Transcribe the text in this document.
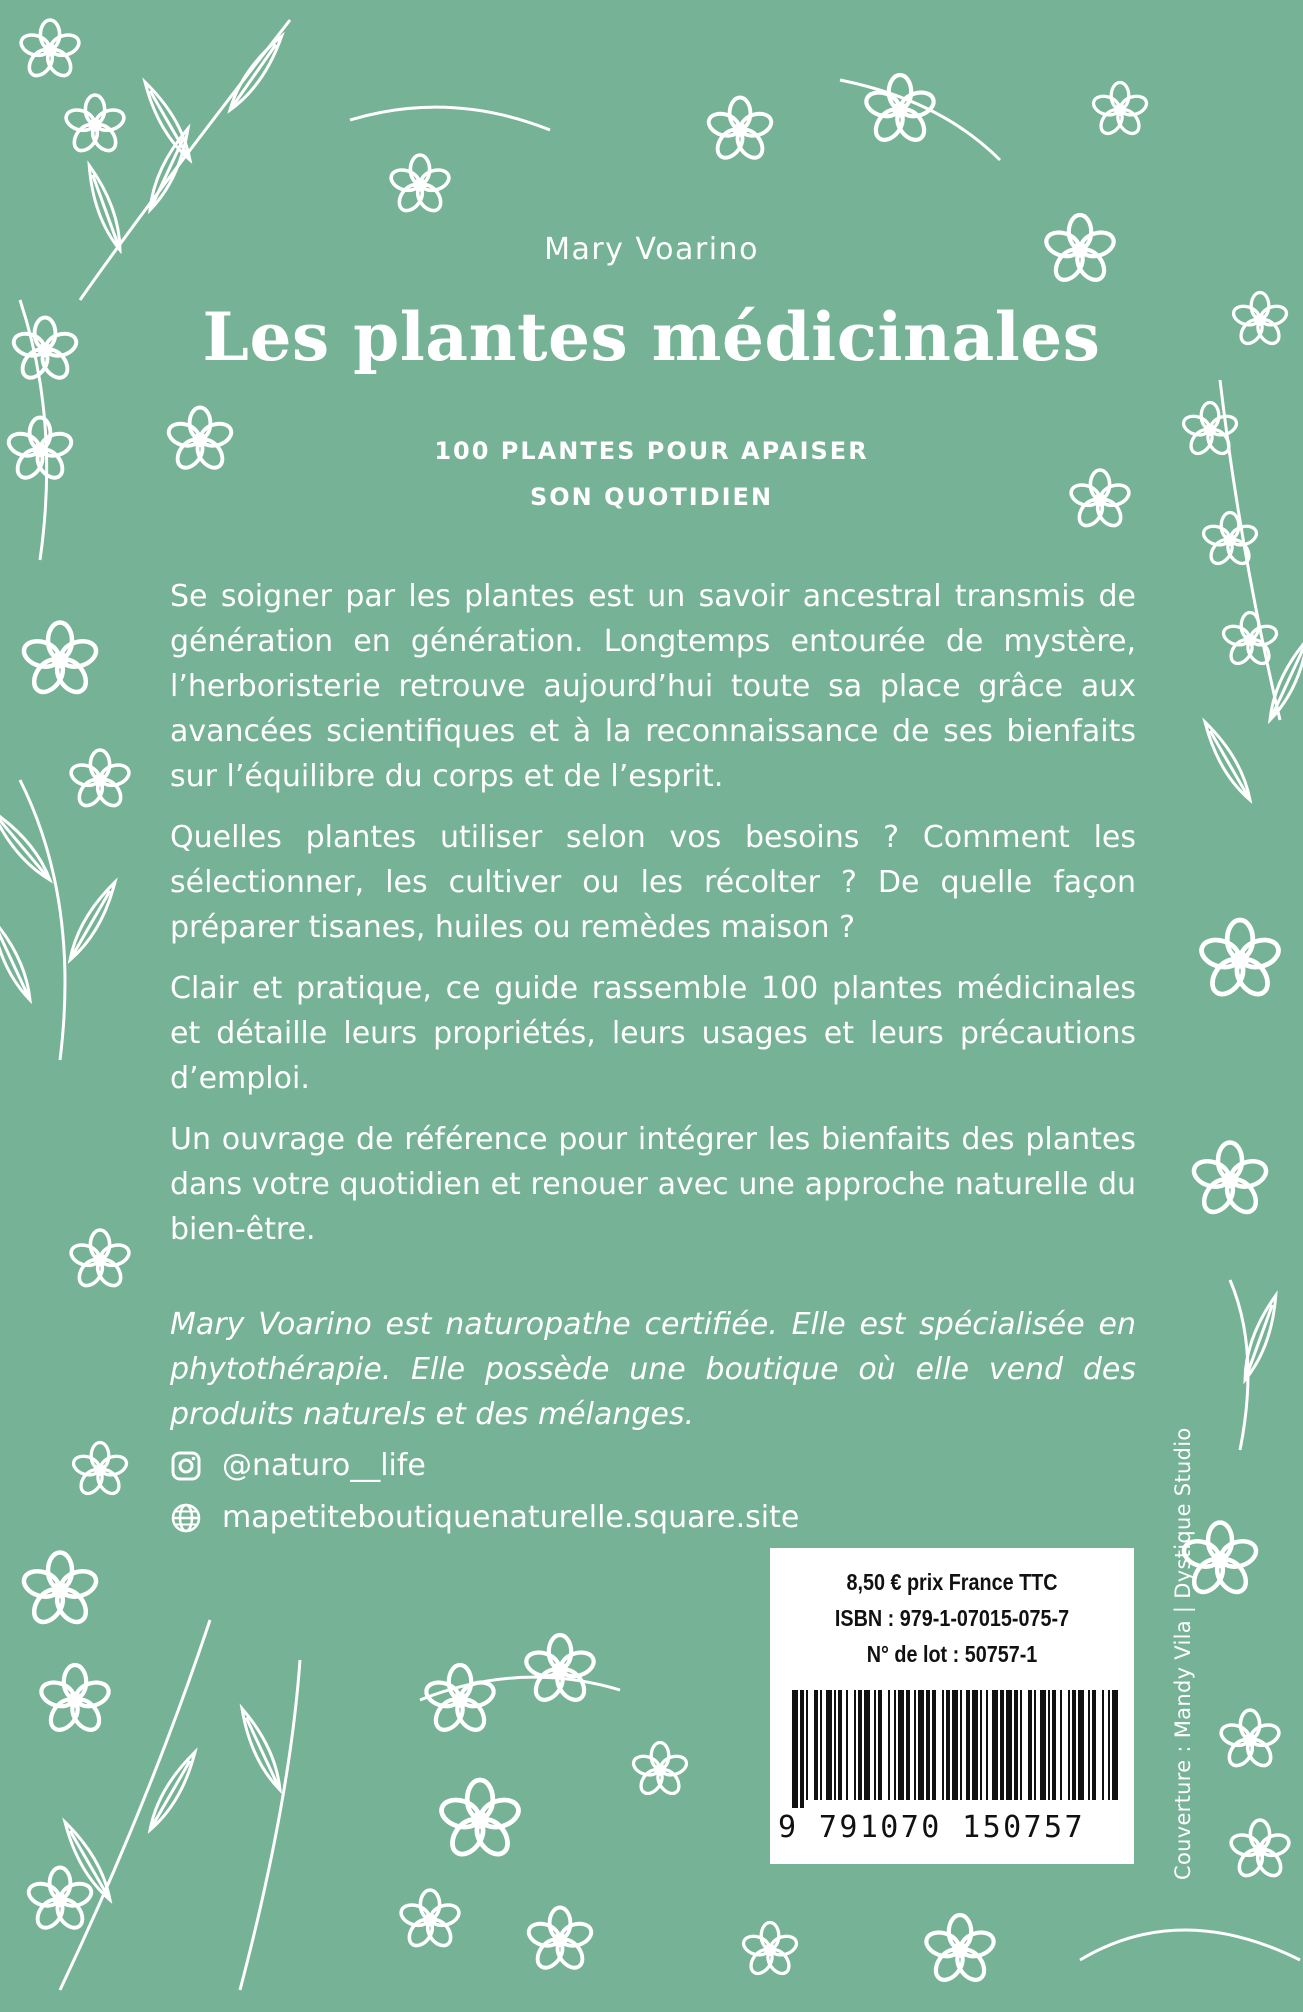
Mary Voarino
Les plantes médicinales
100 PLANTES POUR APAISER
SON QUOTIDIEN

Se soigner par les plantes est un savoir ancestral transmis de génération en génération. Longtemps entourée de mystère, l’herboristerie retrouve aujourd’hui toute sa place grâce aux avancées scientifiques et à la reconnaissance de ses bienfaits sur l’équilibre du corps et de l’esprit.

Quelles plantes utiliser selon vos besoins ? Comment les sélectionner, les cultiver ou les récolter ? De quelle façon préparer tisanes, huiles ou remèdes maison ?

Clair et pratique, ce guide rassemble 100 plantes médicinales et détaille leurs propriétés, leurs usages et leurs précautions d’emploi.

Un ouvrage de référence pour intégrer les bienfaits des plantes dans votre quotidien et renouer avec une approche naturelle du bien-être.

Mary Voarino est naturopathe certifiée. Elle est spécialisée en phytothérapie. Elle possède une boutique où elle vend des produits naturels et des mélanges.

@naturo__life
mapetiteboutiquenaturelle.square.site
8,50 € prix France TTC
ISBN : 979-1-07015-075-7
N° de lot : 50757-1
9 791070 150757	Couverture : Mandy Vila | Dystique Studio
